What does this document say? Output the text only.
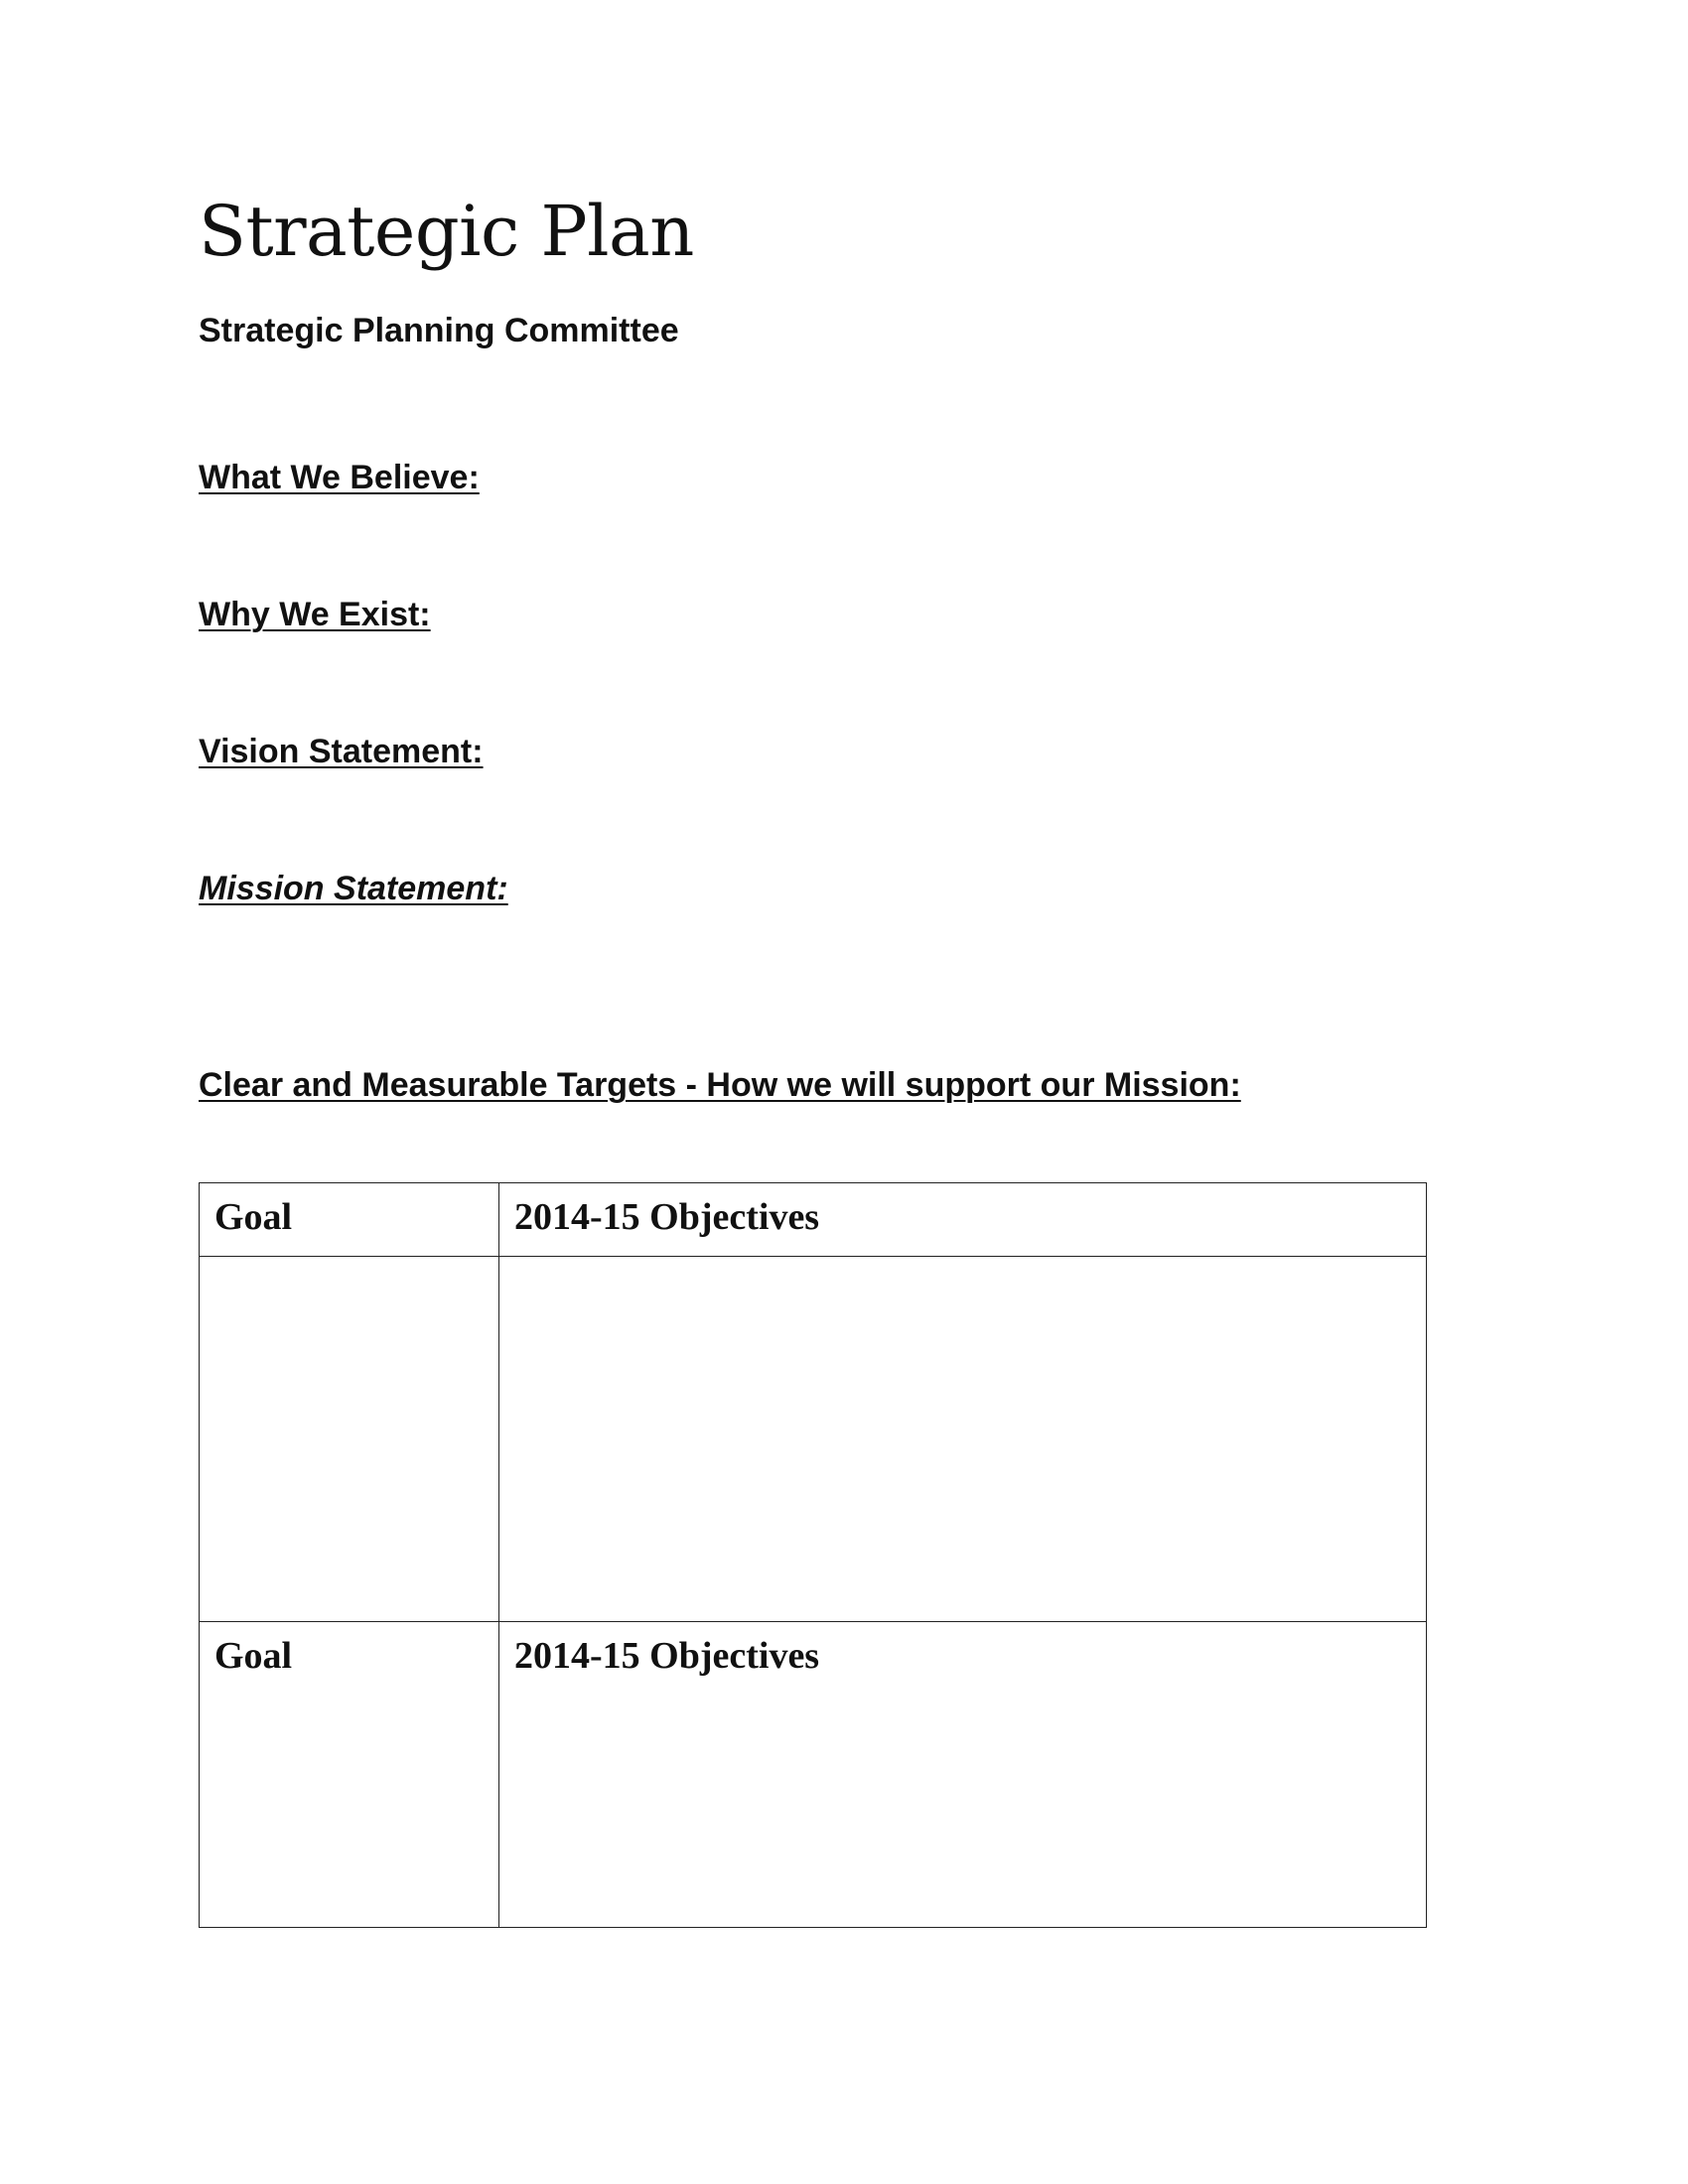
Strategic Plan
Strategic Planning Committee
What We Believe:
Why We Exist:
Vision Statement:
Mission Statement:
Clear and Measurable Targets - How we will support our Mission:
Goal	2014-15 Objectives

Goal	2014-15 Objectives
